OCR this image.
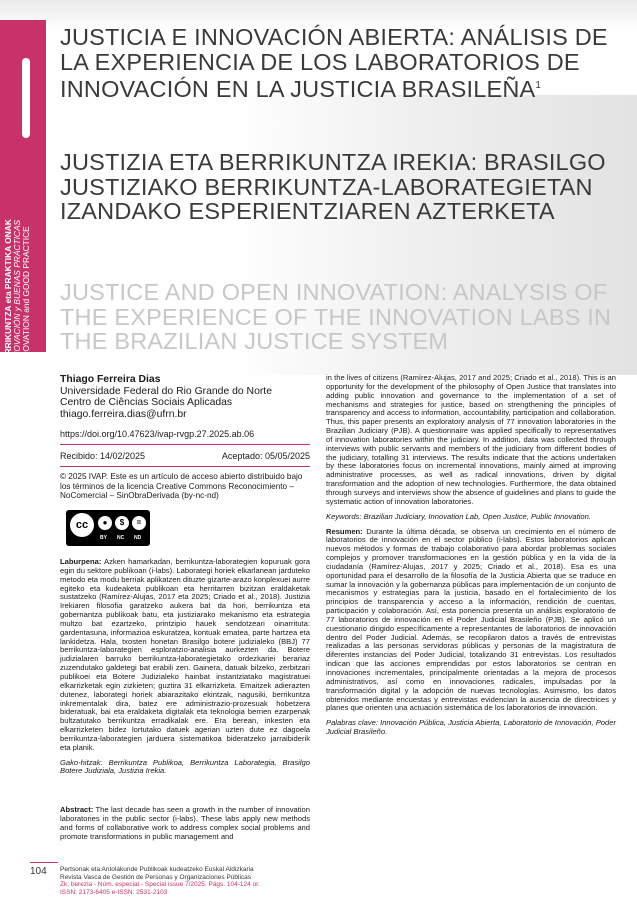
BERRIKUNTZA eta PRAKTIKA ONAK INNOVACIÓN y BUENAS PRÁCTICAS INNOVATION and GOOD PRACTICE
JUSTICIA E INNOVACIÓN ABIERTA: ANÁLISIS DE LA EXPERIENCIA DE LOS LABORATORIOS DE INNOVACIÓN EN LA JUSTICIA BRASILEÑA$^1$
JUSTIZIA ETA BERRIKUNTZA IREKIA: BRASILGO JUSTIZIAKO BERRIKUNTZA-LABORATEGIETAN IZANDAKO ESPERIENTZIAREN AZTERKETA
JUSTICE AND OPEN INNOVATION: ANALYSIS OF THE EXPERIENCE OF THE INNOVATION LABS IN THE BRAZILIAN JUSTICE SYSTEM
Thiago Ferreira Dias
Universidade Federal do Rio Grande do Norte
Centro de Ciências Sociais Aplicadas
thiago.ferreira.dias@ufrn.br
https://doi.org/10.47623/ivap-rvgp.27.2025.ab.06
Recibido: 14/02/2025	Aceptado: 05/05/2025
© 2025 IVAP. Este es un artículo de acceso abierto distribuido bajo los términos de la licencia Creative Commons Reconocimiento – NoComercial – SinObraDerivada (by-nc-nd)
cc	●	$	=
BY NC ND

Laburpena: Azken hamarkadan, berrikuntza-laborategien kopuruak gora egin du sektore publikoan (i-labs). Laborategi horiek elkarlanean jarduteko metodo eta modu berriak aplikatzen dituzte gizarte-arazo konplexuei aurre egiteko eta kudeaketa publikoan eta herritarren bizitzan eraldaketak sustatzeko (Ramírez-Alujas, 2017 eta 2025; Criado et al., 2018). Justizia Irekiaren filosofia garatzeko aukera bat da hori, berrikuntza eta gobernantza publikoak batu, eta justiziarako mekanismo eta estrategia multzo bat ezartzeko, printzipio hauek sendotzeari oinarrituta: gardentasuna, informazioa eskuratzea, kontuak ematea, parte hartzea eta lankidetza. Hala, txosten honetan Brasilgo botere judizialeko (BBJ) 77 berrikuntza-laborategien esploratzio-analisia aurkezten da. Botere judizialaren barruko berrikuntza-laborategietako ordezkariei berariaz zuzendutako galdetegi bat erabili zen. Gainera, datuak bilzeko, zerbitzari publikoei eta Botere Judizialeko hainbat instantziatako magistratuei elkarrizketak egin zizkieten; guztira 31 elkarrizketa. Emaitzek adierazten dutenez, laborategi horiek abiarazitako ekintzak, nagusiki, berrikuntza inkrementalak dira, batez ere administrazio-prozesuak hobetzera bideratuak, bai eta eraldaketa digitalak eta teknologia berrien ezarpenak bultzatutako berrikuntza erradikalak ere. Era berean, inkesten eta elkarrizketen bidez lortutako datuek agerian uzten dute ez dagoela berrikuntza-laborategien jarduera sistematikoa bideratzeko jarraibiderik eta planik.

Gako-hitzak: Berrikuntza Publikoa, Berrikuntza Laborategia, Brasilgo Botere Judiziala, Justizia Irekia.

Abstract: The last decade has seen a growth in the number of innovation laboratories in the public sector (i-labs). These labs apply new methods and forms of collaborative work to address complex social problems and promote transformations in public management and

in the lives of citizens (Ramírez-Alujas, 2017 and 2025; Criado et al., 2018). This is an opportunity for the development of the philosophy of Open Justice that translates into adding public innovation and governance to the implementation of a set of mechanisms and strategies for justice, based on strengthening the principles of transparency and access to information, accountability, participation and collaboration. Thus, this paper presents an exploratory analysis of 77 innovation laboratories in the Brazilian Judiciary (PJB). A questionnaire was applied specifically to representatives of innovation laboratories within the judiciary. In addition, data was collected through interviews with public servants and members of the judiciary from different bodies of the judiciary, totalling 31 interviews. The results indicate that the actions undertaken by these laboratories focus on incremental innovations, mainly aimed at improving administrative processes, as well as radical innovations, driven by digital transformation and the adoption of new technologies. Furthermore, the data obtained through surveys and interviews show the absence of guidelines and plans to guide the systematic action of innovation laboratories.

Keywords: Brazilian Judiciary, Innovation Lab, Open Justice, Public Innovation.

Resumen: Durante la última década, se observa un crecimiento en el número de laboratorios de innovación en el sector público (i-labs). Estos laboratorios aplican nuevos métodos y formas de trabajo colaborativo para abordar problemas sociales complejos y promover transformaciones en la gestión pública y en la vida de la ciudadanía (Ramírez-Alujas, 2017 y 2025; Criado et al., 2018). Esa es una oportunidad para el desarrollo de la filosofía de la Justicia Abierta que se traduce en sumar la innovación y la gobernanza públicas para implementación de un conjunto de mecanismos y estrategias para la justicia, basado en el fortalecimiento de los principios de transparencia y acceso a la información, rendición de cuentas, participación y colaboración. Así, esta ponencia presenta un análisis exploratorio de 77 laboratorios de innovación en el Poder Judicial Brasileño (PJB). Se aplicó un cuestionario dirigido específicamente a representantes de laboratorios de innovación dentro del Poder Judicial. Además, se recopilaron datos a través de entrevistas realizadas a las personas servidoras públicas y personas de la magistratura de diferentes instancias del Poder Judicial, totalizando 31 entrevistas. Los resultados indican que las acciones emprendidas por estos laboratorios se centran en innovaciones incrementales, principalmente orientadas a la mejora de procesos administrativos, así como en innovaciones radicales, impulsadas por la transformación digital y la adopción de nuevas tecnologías. Asimismo, los datos obtenidos mediante encuestas y entrevistas evidencian la ausencia de directrices y planes que orienten una actuación sistemática de los laboratorios de innovación.

Palabras clave: Innovación Pública, Justicia Abierta, Laboratorio de Innovación, Poder Judicial Brasileño.

104 Pertsonak eta Antolakunde Publikoak kudeatzeko Euskal Aldizkaria
Revista Vasca de Gestión de Personas y Organizaciones Públicas
Zk. berezia - Núm. especial - Special issue 7/2025. Págs. 104-124 or.
ISSN: 2173-6405 e-ISSN: 2531-2103
